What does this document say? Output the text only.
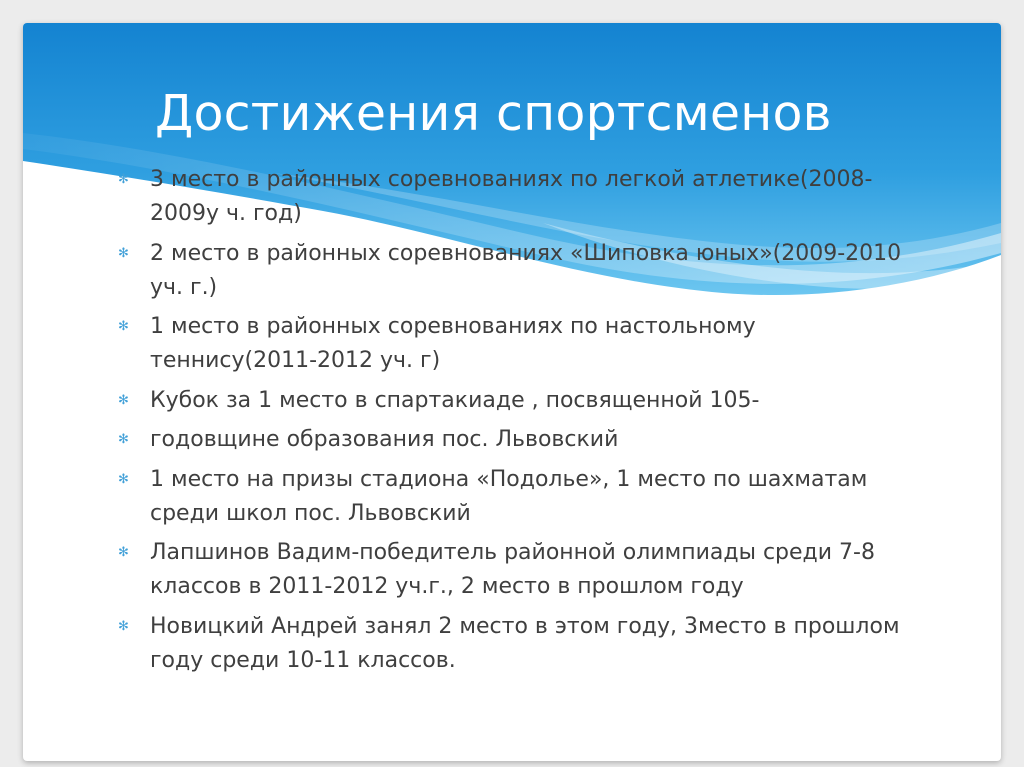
Достижения спортсменов
✻ 3 место в районных соревнованиях по легкой атлетике(2008-2009у ч. год)
✻ 2 место в районных соревнованиях «Шиповка юных»(2009-2010 уч. г.)
✻ 1 место в районных соревнованиях по настольному теннису(2011-2012 уч. г)
✻ Кубок за 1 место в спартакиаде , посвященной 105-
✻ годовщине образования пос. Львовский
✻ 1 место на призы стадиона «Подолье», 1 место по шахматам среди школ пос. Львовский
✻ Лапшинов Вадим-победитель районной олимпиады среди 7-8 классов в 2011-2012 уч.г., 2 место в прошлом году
✻ Новицкий Андрей занял 2 место в этом году, 3место в прошлом году среди 10-11 классов.
